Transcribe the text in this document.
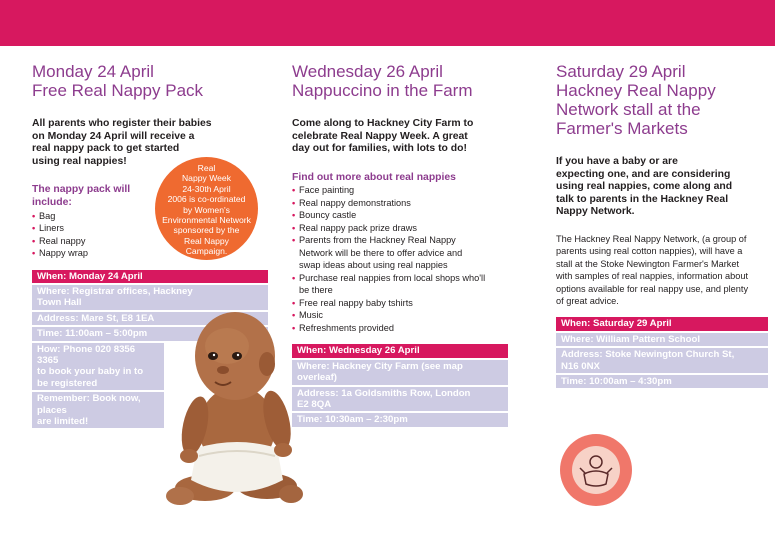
Monday 24 April
Free Real Nappy Pack
All parents who register their babies
on Monday 24 April will receive a
real nappy pack to get started
using real nappies!
The nappy pack will
include:
• Bag
• Liners
• Real nappy
• Nappy wrap
When: Monday 24 April
Where: Registrar offices, Hackney
Town Hall
Address: Mare St, E8 1EA
Time: 11:00am – 5:00pm
How: Phone 020 8356 3365
to book your baby in to
be registered
Remember: Book now, places
are limited!
Real
Nappy Week
24-30th April
2006 is co-ordinated
by Women's
Environmental Network
sponsored by the
Real Nappy
Campaign.
Wednesday 26 April
Nappuccino in the Farm
Come along to Hackney City Farm to
celebrate Real Nappy Week. A great
day out for families, with lots to do!
Find out more about real nappies
• Face painting
• Real nappy demonstrations
• Bouncy castle
• Real nappy pack prize draws
• Parents from the Hackney Real Nappy
Network will be there to offer advice and
swap ideas about using real nappies
• Purchase real nappies from local shops who'll
be there
• Free real nappy baby tshirts
• Music
• Refreshments provided
When: Wednesday 26 April
Where: Hackney City Farm (see map
overleaf)
Address: 1a Goldsmiths Row, London
E2 8QA
Time: 10:30am – 2:30pm
Saturday 29 April
Hackney Real Nappy
Network stall at the
Farmer's Markets
If you have a baby or are
expecting one, and are considering
using real nappies, come along and
talk to parents in the Hackney Real
Nappy Network.
The Hackney Real Nappy Network, (a group of
parents using real cotton nappies), will have a
stall at the Stoke Newington Farmer's Market
with samples of real nappies, information about
options available for real nappy use, and plenty
of great advice.
When: Saturday 29 April
Where: William Pattern School
Address: Stoke Newington Church St,
N16 0NX
Time: 10:00am – 4:30pm
